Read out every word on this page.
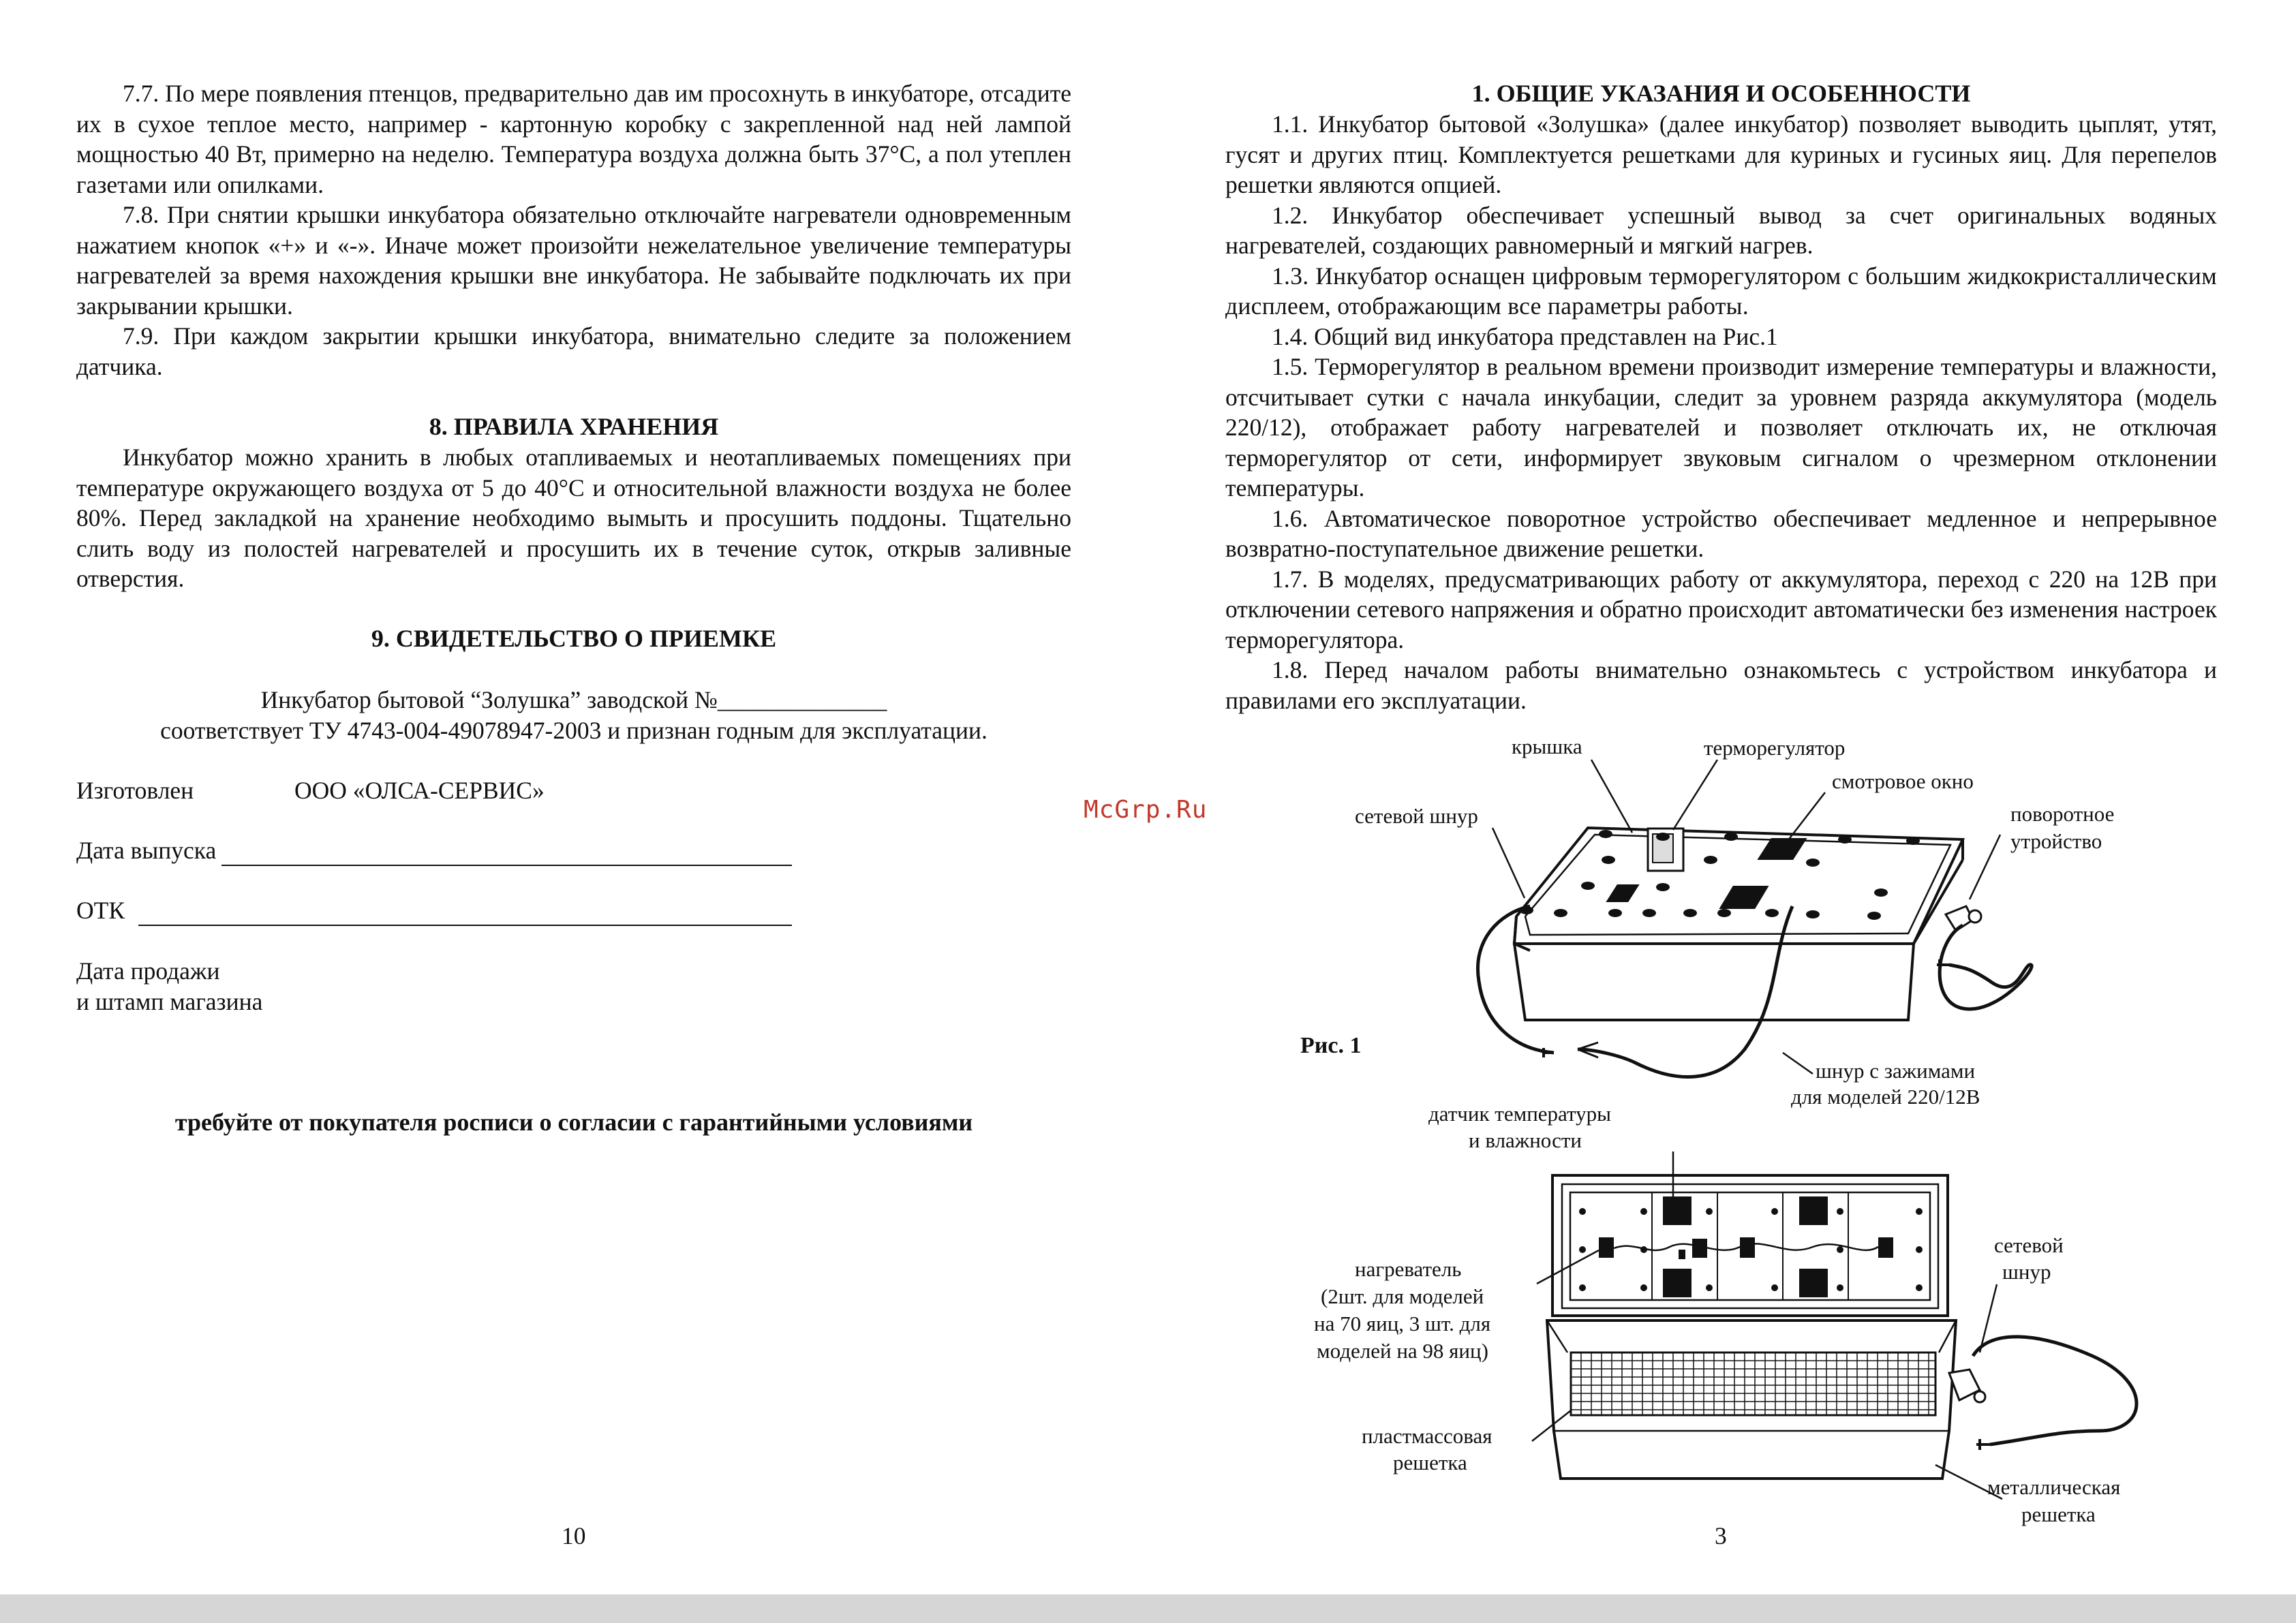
7.7. По мере появления птенцов, предварительно дав им просохнуть в инкубаторе, отсадите их в сухое теплое место, например - картонную коробку с закрепленной над ней лампой мощностью 40 Вт, примерно на неделю. Температура воздуха должна быть 37°С, а пол утеплен газетами или опилками.

7.8. При снятии крышки инкубатора обязательно отключайте нагреватели одновременным нажатием кнопок «+» и «-». Иначе может произойти нежелательное увеличение температуры нагревателей за время нахождения крышки вне инкубатора. Не забывайте подключать их при закрывании крышки.

7.9. При каждом закрытии крышки инкубатора, внимательно следите за положением датчика.

8. ПРАВИЛА ХРАНЕНИЯ

Инкубатор можно хранить в любых отапливаемых и неотапливаемых помещениях при температуре окружающего воздуха от 5 до 40°С и относительной влажности воздуха не более 80%. Перед закладкой на хранение необходимо вымыть и просушить поддоны. Тщательно слить воду из полостей нагревателей и просушить их в течение суток, открыв заливные отверстия.

9. СВИДЕТЕЛЬСТВО О ПРИЕМКЕ

Инкубатор бытовой “Золушка” заводской №______________

соответствует ТУ 4743-004-49078947-2003 и признан годным для эксплуатации.

Изготовлен	ООО «ОЛСА-СЕРВИС»
Дата выпуска
ОТК
Дата продажи
и штамп магазина

требуйте от покупателя росписи о согласии с гарантийными условиями

10
McGrp.Ru
1. ОБЩИЕ УКАЗАНИЯ И ОСОБЕННОСТИ

1.1. Инкубатор бытовой «Золушка» (далее инкубатор) позволяет выводить цыплят, утят, гусят и других птиц. Комплектуется решетками для куриных и гусиных яиц. Для перепелов решетки являются опцией.

1.2. Инкубатор обеспечивает успешный вывод за счет оригинальных водяных нагревателей, создающих равномерный и мягкий нагрев.

1.3. Инкубатор оснащен цифровым терморегулятором с большим жидкокристаллическим дисплеем, отображающим все параметры работы.

1.4. Общий вид инкубатора представлен на Рис.1

1.5. Терморегулятор в реальном времени производит измерение температуры и влажности, отсчитывает сутки с начала инкубации, следит за уровнем разряда аккумулятора (модель 220/12), отображает работу нагревателей и позволяет отключать их, не отключая терморегулятор от сети, информирует звуковым сигналом о чрезмерном отклонении температуры.

1.6. Автоматическое поворотное устройство обеспечивает медленное и непрерывное возвратно-поступательное движение решетки.

1.7. В моделях, предусматривающих работу от аккумулятора, переход с 220 на 12В при отключении сетевого напряжения и обратно происходит автоматически без изменения настроек терморегулятора.

1.8. Перед началом работы внимательно ознакомьтесь с устройством инкубатора и правилами его эксплуатации.

3
Рис. 1
крышка	терморегулятор
смотровое окно
сетевой шнур	поворотное
утройство
шнур с зажимами
для моделей 220/12В
датчик температуры
и влажности
нагреватель
(2шт. для моделей
на 70 яиц, 3 шт. для
моделей на 98 яиц)
сетевой
шнур
пластмассовая
решетка
металлическая
решетка
